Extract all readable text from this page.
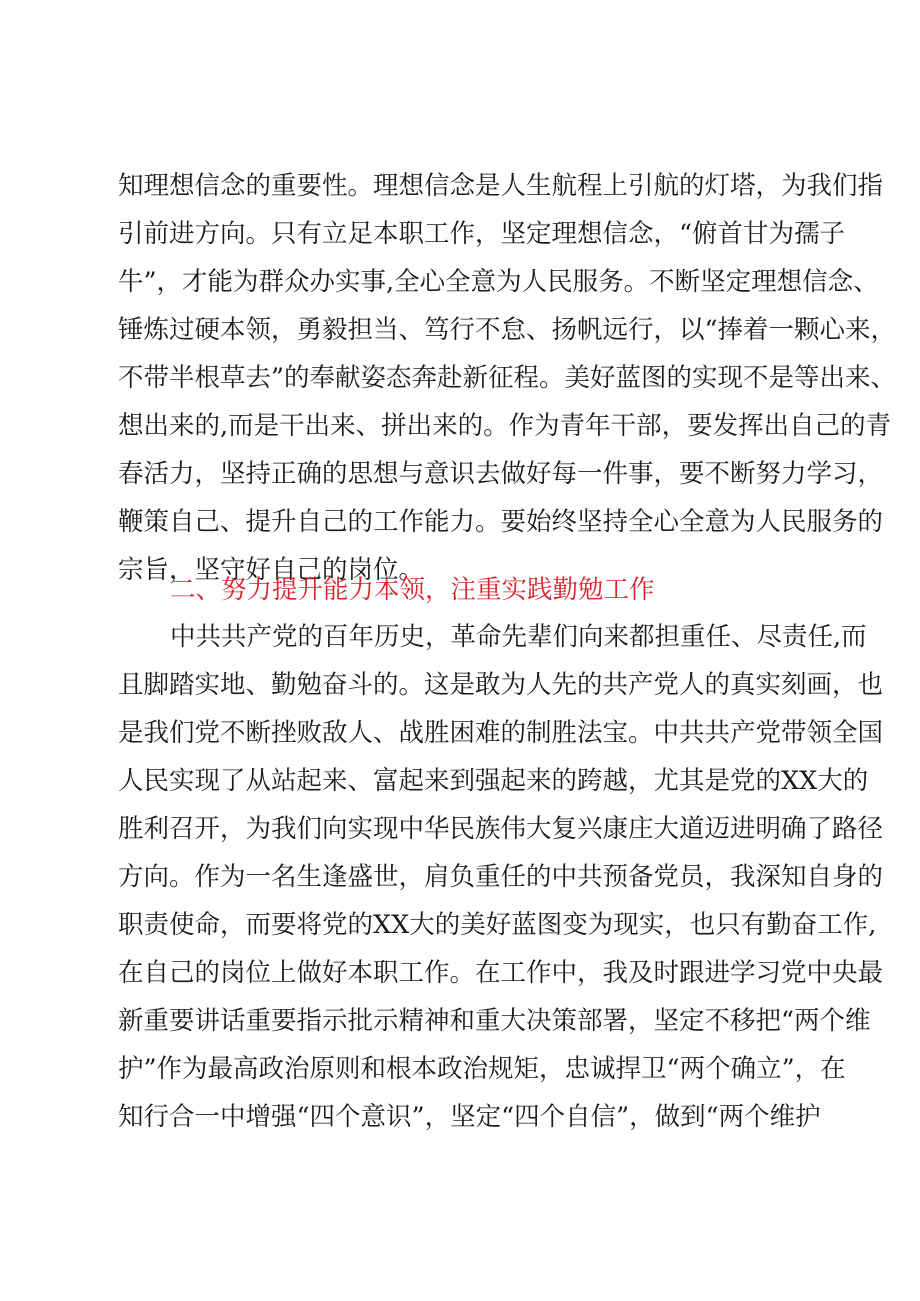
知理想信念的重要性。理想信念是人生航程上引航的灯塔，为我们指
引前进方向。只有立足本职工作，坚定理想信念，“俯首甘为孺子
牛”，才能为群众办实事,全心全意为人民服务。不断坚定理想信念、
锤炼过硬本领，勇毅担当、笃行不怠、扬帆远行，以“捧着一颗心来，
不带半根草去”的奉献姿态奔赴新征程。美好蓝图的实现不是等出来、
想出来的,而是干出来、拼出来的。作为青年干部，要发挥出自己的青
春活力，坚持正确的思想与意识去做好每一件事，要不断努力学习，
鞭策自己、提升自己的工作能力。要始终坚持全心全意为人民服务的
宗旨，坚守好自己的岗位。
二、努力提升能力本领，注重实践勤勉工作
中共共产党的百年历史，革命先辈们向来都担重任、尽责任,而
且脚踏实地、勤勉奋斗的。这是敢为人先的共产党人的真实刻画，也
是我们党不断挫败敌人、战胜困难的制胜法宝。中共共产党带领全国
人民实现了从站起来、富起来到强起来的跨越，尤其是党的XX大的
胜利召开，为我们向实现中华民族伟大复兴康庄大道迈进明确了路径
方向。作为一名生逢盛世，肩负重任的中共预备党员，我深知自身的
职责使命，而要将党的XX大的美好蓝图变为现实，也只有勤奋工作,
在自己的岗位上做好本职工作。在工作中，我及时跟进学习党中央最
新重要讲话重要指示批示精神和重大决策部署，坚定不移把“两个维
护”作为最高政治原则和根本政治规矩，忠诚捍卫“两个确立”，在
知行合一中增强“四个意识”，坚定“四个自信”，做到“两个维护
